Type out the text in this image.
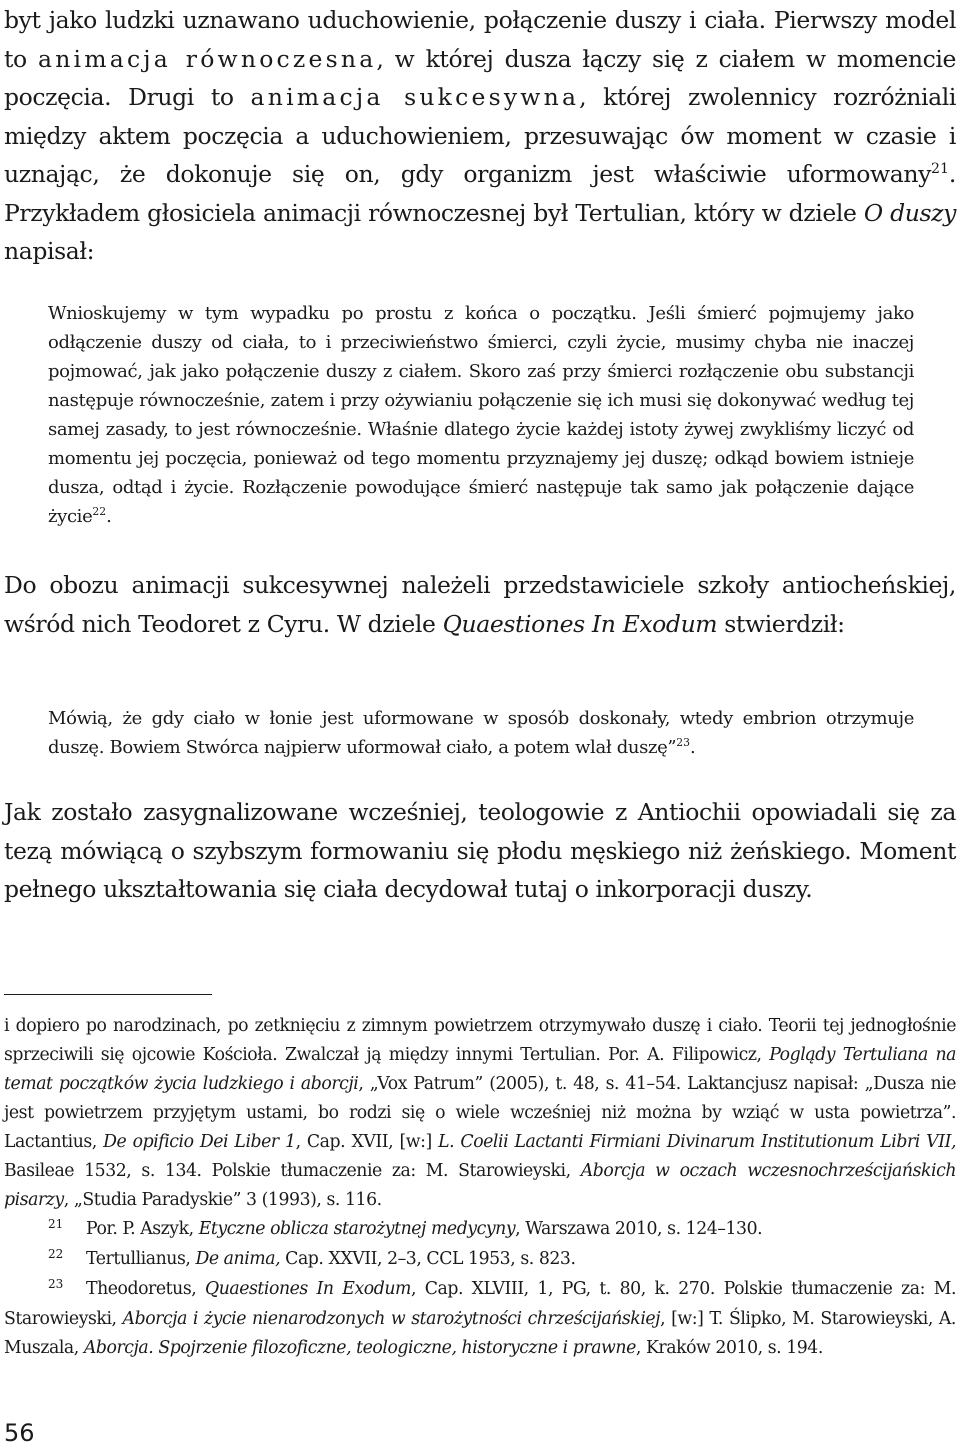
byt jako ludzki uznawano uduchowienie, połączenie duszy i ciała. Pierwszy model to animacja równoczesna, w której dusza łączy się z ciałem w momencie poczęcia. Drugi to animacja sukcesywna, której zwolennicy rozróżniali między aktem poczęcia a uduchowieniem, przesuwając ów moment w czasie i uznając, że dokonuje się on, gdy organizm jest właściwie uformowany$^{21}$. Przykładem głosiciela animacji równoczesnej był Tertulian, który w dziele O duszy napisał:

Wnioskujemy w tym wypadku po prostu z końca o początku. Jeśli śmierć pojmujemy jako odłączenie duszy od ciała, to i przeciwieństwo śmierci, czyli życie, musimy chyba nie inaczej pojmować, jak jako połączenie duszy z ciałem. Skoro zaś przy śmierci rozłączenie obu substancji następuje równocześnie, zatem i przy ożywianiu połączenie się ich musi się dokonywać według tej samej zasady, to jest równocześnie. Właśnie dlatego życie każdej istoty żywej zwykliśmy liczyć od momentu jej poczęcia, ponieważ od tego momentu przyznajemy jej duszę; odkąd bowiem istnieje dusza, odtąd i życie. Rozłączenie powodujące śmierć następuje tak samo jak połączenie dające życie$^{22}$.

Do obozu animacji sukcesywnej należeli przedstawiciele szkoły antiocheńskiej, wśród nich Teodoret z Cyru. W dziele Quaestiones In Exodum stwierdził:

Mówią, że gdy ciało w łonie jest uformowane w sposób doskonały, wtedy embrion otrzymuje duszę. Bowiem Stwórca najpierw uformował ciało, a potem wlał duszę”$^{23}$.

Jak zostało zasygnalizowane wcześniej, teologowie z Antiochii opowiadali się za tezą mówiącą o szybszym formowaniu się płodu męskiego niż żeńskiego. Moment pełnego ukształtowania się ciała decydował tutaj o inkorporacji duszy.

i dopiero po narodzinach, po zetknięciu z zimnym powietrzem otrzymywało duszę i ciało. Teorii tej jednogłośnie sprzeciwili się ojcowie Kościoła. Zwalczał ją między innymi Tertulian. Por. A. Filipowicz, Poglądy Tertuliana na temat początków życia ludzkiego i aborcji, „Vox Patrum” (2005), t. 48, s. 41–54. Laktancjusz napisał: „Dusza nie jest powietrzem przyjętym ustami, bo rodzi się o wiele wcześniej niż można by wziąć w usta powietrza”. Lactantius, De opificio Dei Liber 1, Cap. XVII, [w:] L. Coelii Lactanti Firmiani Divinarum Institutionum Libri VII, Basileae 1532, s. 134. Polskie tłumaczenie za: M. Starowieyski, Aborcja w oczach wczesnochrześcijańskich pisarzy, „Studia Paradyskie” 3 (1993), s. 116.

21 Por. P. Aszyk, Etyczne oblicza starożytnej medycyny, Warszawa 2010, s. 124–130.

22 Tertullianus, De anima, Cap. XXVII, 2–3, CCL 1953, s. 823.

23 Theodoretus, Quaestiones In Exodum, Cap. XLVIII, 1, PG, t. 80, k. 270. Polskie tłumaczenie za: M. Starowieyski, Aborcja i życie nienarodzonych w starożytności chrześcijańskiej, [w:] T. Ślipko, M. Starowieyski, A. Muszala, Aborcja. Spojrzenie filozoficzne, teologiczne, historyczne i prawne, Kraków 2010, s. 194.

56
